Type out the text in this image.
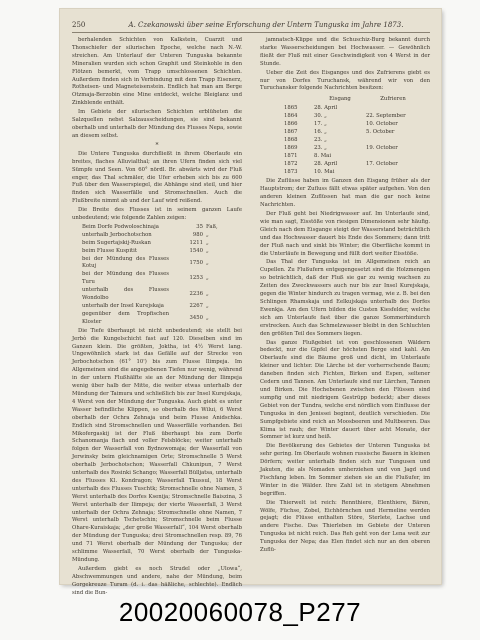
250	A. Czekanowski über seine Erforschung der Untern Tunguska im Jahre 1873.

berhalenden Schichten von Kalkstein, Cuarzit und Thonschiefer der silurischen Epoche, welche nach N.-W. streichen. Am Unterlauf der Unteren Tunguska bekannte Mineralien wurden sich schon Graphit und Steinkohle in den Flötzen bemerkt, vom Trapp umschlossenen Schichten. Außerdem finden sich in Verbindung mit dem Trapp Eisenerz, Rotheisen- und Magneteisenstein. Endlich hat man am Berge Otzmaja-Berzobin eine Mine entdeckt, welche Bleiglanz und Zinkblende enthält.

Im Gebiete der silurischen Schichten erblüheten die Salzquellen nebst Salzausscheidungen, sie sind bekannt oberhalb und unterhalb der Mündung des Flusses Nepa, sowie an diesem selbst.

*

Die Untere Tunguska durchfließt in ihrem Oberlaufe ein breites, flaches Alluvialthal; an ihren Ufern finden sich viel Sümpfe und Seen. Von 60° nördl. Br. abwärts wird der Fluß enger, das Thal schmäler, die Ufer erheben sich bis zu 600 Fuß über den Wasserspiegel, die Abhänge sind steil, und hier finden sich Wasserfälle und Stromschnellen. Auch die Flußbreite nimmt ab und der Lauf wird reißend.

Die Breite des Flusses ist in seinem ganzen Laufe unbedeutend; wie folgende Zahlen zeigen:

Beim Dorfe Podwoloschinaja	35	Faß,
unterhalb Jerbochotschon	980	„
beim Sugertajskij-Ruskan	1211	„
beim Flusse Kuspitit	1540	„
bei der Mündung des Flusses Kotuj	1750	„
bei der Mündung des Flusses Turu	1253	„
unterhalb des Flusses Wondolbo	2236	„
unterhalb der Insel Kurejskaja	2267	„
gegenüber dem Tropfischen Kloster	3450	„

Die Tiefe überhaupt ist nicht unbedeutend; sie stellt bei Jerbò die Kungelschicht fast auf 120. Dieselben sind im Ganzen klein. Die größten, Joktha, ist 4½ Werst lang. Ungewöhnlich stark ist das Gefälle auf der Strecke von Jerbochotschon (61° 10') bis zum Flusse Ilimpeja. Im Allgemeinen sind die angegebenen Tiefen nur wenig, während in der untern Flußhälfte sie an der Mündung der Ilimpeja wenig über halb der Mitte, die weiter etwas unterhalb der Mündung der Taimura und schließlich bis zur Insel Kurejskaja, 4 Werst von der Mündung der Tunguska. Auch giebt es unter Wasser befindliche Klippen, so oberhalb des Wilui, 6 Werst oberhalb der Ochra Zehnaja und beim Flusse Anidschka. Endlich sind Stromschnellen und Wasserfälle vorhanden. Bei Mikofergaskij ist der Fluß überhaupt bis zum Dorfe Schanomanja flach und voller Felsblöcke; weiter unterhalb folgen der Wasserfall von Bydnowomaja; der Wasserfall von Jerwinsky beim gleichnamigen Orte; Stromschnelle 5 Werst oberhalb Jerbochotschon; Wasserfall Chkunipun, 7 Werst unterhalb des Rosinki Schango; Wasserfall Bülljatsa, unterhalb des Flusses Kl. Kondragon; Wasserfall Tkussul, 18 Werst unterhalb des Flusses Tuschtk; Stromschnelle ohne Namen, 3 Werst unterhalb des Dorfes Ksenija; Stromschnelle Baiszina, 3 Werst unterhalb der Ilimpeja; der vierte Wasserfall, 3 Werst unterhalb der Ochra Zehnaja; Stromschnelle ohne Namen, 7 Werst unterhalb Tschetschin; Stromschnelle beim Flusse Ohare-Kuraiskaja; „der große Wasserfall“, 104 Werst oberhalb der Mündung der Tunguska; drei Stromschnellen resp. 89, 76 und 71 Werst oberhalb der Mündung der Tunguska; der schlimme Wasserfall, 70 Werst oberhalb der Tunguska-Mündung.

Außerdem giebt es noch Strudel oder „Ulowa“, Abschwemmungen und andere, nahe der Mündung, beim Gorgekreuze Turam (d. i. das häßliche, schlechte). Endlich sind die Bun-

jamnatsch-Klippe und die Schuschiz-Burg bekannt durch starke Wasserscheidungen bei Hochwasser. — Gewöhnlich fließt der Fluß mit einer Geschwindigkeit von 4 Werst in der Stunde.

Ueber die Zeit des Eisganges und des Zufrierens giebt es nur von Dorfes Turuchansk, während wir von den Turuchansker folgende Nachrichten besitzen:

	Eisgang	Zufrieren
1865	28. April	
1864	30. „	22. September
1866	17. „	10. October
1867	16. „	5. October
1868	23. „	
1869	23. „	19. October
1871	8. Mai	
1872	28. April	17. October
1873	10. Mai	

Die Zuflüsse haben im Ganzen den Eisgang früher als der Hauptstrom; der Zufluss fällt etwas später aufgehen. Von den anderen kleinen Zuflüssen hat man die gar noch keine Nachrichten.

Der Fluß geht bei Niedrigwasser auf. Im Unterlaufe sind, wie man sagt, Eisstöße von riesigen Dimensionen sehr häufig. Gleich nach dem Eisgange steigt der Wasserstand beträchtlich und das Hochwasser dauert bis Ende des Sommers; dann tritt der Fluß nach und sinkt bis Winter; die Oberfläche kommt in die Unterläufe in Bewegung und füllt dort weiter Eisstöße.

Das Thal der Tunguska ist im Allgemeinen reich an Cupellen. Zu Flußufern entgegengesetzt sind die Holzmengen so beträchtlich, daß der Fluß sie gar zu wenig wachsen zu Zeiten des Zweckwassers auch nur bis zur Insel Kurejskaja, gegen die Winter hindurch zu tragen vermag, wie z. B. bei den Schlingen Rhamskaja und Eelkujskaja unterhalb des Dorfes Ewenkja. Am den Ufern bilden die Custen Kiesfelder, welche sich am Unterlaufe fast über die ganze Sommerhindurch erstrecken. Auch das Schmelzwasser bleibt in den Schluchten den größten Teil des Sommers liegen.

Das ganze Flußgebiet ist von geschlossenen Wäldern bedeckt, nur die Gipfel der höchsten Berge sind kahl. Am Oberlaufe sind die Bäume groß und dicht, im Unterlaufe kleiner und lichter. Die Lärche ist der vorherrschende Baum; daneben finden sich Fichten, Birken und Espen, seltener Cedern und Tannen. Am Unterlaufe sind nur Lärchen, Tannen und Birken. Die Hochebenen zwischen den Flüssen sind sumpfig und mit niedrigem Gestrüpp bedeckt; aber dieses Gebiet von der Tundra, welche erst nördlich vom Einflusse der Tunguska in den Jenissei beginnt, deutlich verschieden. Die Sumpfgebiete sind reich an Moosbeeren und Multbeeren. Das Klima ist rauh; der Winter dauert über acht Monate, der Sommer ist kurz und heiß.

Die Bevölkerung des Gebietes der Unteren Tunguska ist sehr gering. Im Oberlaufe wohnen russische Bauern in kleinen Dörfern; weiter unterhalb finden sich nur Tungusen und Jakuten, die als Nomaden umherziehen und von Jagd und Fischfang leben. Im Sommer ziehen sie an die Flußufer, im Winter in die Wälder. Ihre Zahl ist in stetigem Abnehmen begriffen.

Die Thierwelt ist reich: Rennthiere, Elenthiere, Bären, Wölfe, Füchse, Zobel, Eichhörnchen und Hermeline werden gejagt; die Flüsse enthalten Störe, Sterlete, Lachse und andere Fische. Das Thierleben im Gebiete der Unteren Tunguska ist nicht reich. Das Reh geht von der Lena weit zur Tunguska der Nepa; das Elen findet sich nur an den oberen Zuflü-

20020060078_P277
